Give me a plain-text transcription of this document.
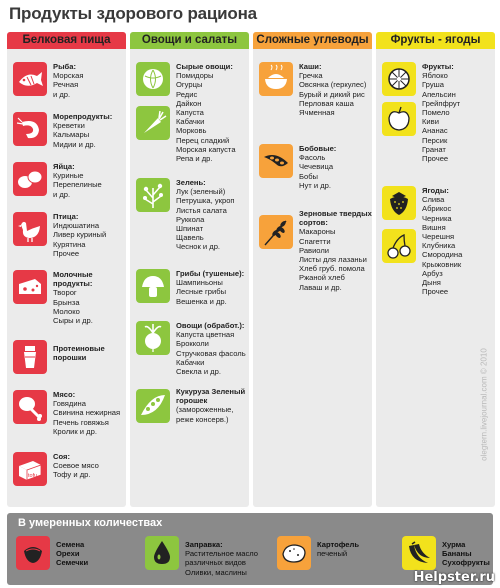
Продукты здорового рациона
Белковая пища
Рыба:
Морская
Речная
и др.
Морепродукты:
Креветки
Кальмары
Мидии и др.
Яйца:
Куриные
Перепелиные
и др.
Птица:
Индюшатина
Ливер куриный
Курятина
Прочее
Молочные продукты:
Творог
Брынза
Молоко
Сыры и др.
Протеиновые порошки
Мясо:
Говядина
Свинина нежирная
Печень говяжья
Кролик и др.
tofu
Соя:
Соевое мясо
Тофу и др.
Овощи и салаты
Сырые овощи:
Помидоры
Огурцы
Редис
Дайкон
Капуста
Кабачки
Морковь
Перец сладкий
Морская капуста
Репа и др.
Зелень:
Лук (зеленый)
Петрушка, укроп
Листья салата
Руккола
Шпинат
Щавель
Чеснок и др.
Грибы (тушеные):
Шампиньоны
Лесные грибы
Вешенка и др.
Овощи (обработ.):
Капуста цветная
Брокколи
Стручковая фасоль
Кабачки
Свекла и др.
Кукуруза Зеленый горошек
(замороженные,
реже консерв.)
Сложные углеводы
Каши:
Гречка
Овсянка (геркулес)
Бурый и дикий рис
Перловая каша
Ячменная
Бобовые:
Фасоль
Чечевица
Бобы
Нут и др.
Зерновые твердых сортов:
Макароны
Спагетти
Равиоли
Листы для лазаньи
Хлеб груб. помола
Ржаной хлеб
Лаваш и др.
Фрукты - ягоды
Фрукты:
Яблоко
Груша
Апельсин
Грейпфрут
Помело
Киви
Ананас
Персик
Гранат
Прочее
Ягоды:
Слива
Абрикос
Черника
Вишня
Черешня
Клубника
Смородина
Крыжовник
Арбуз
Дыня
Прочее
olegtern.livejournal.com © 2010
В умеренных количествах
Семена Орехи Семечки
Заправка:
Растительное масло
различных видов
Оливки, маслины
Картофель
печеный
Хурма Бананы Сухофрукты
Helpster.ru
